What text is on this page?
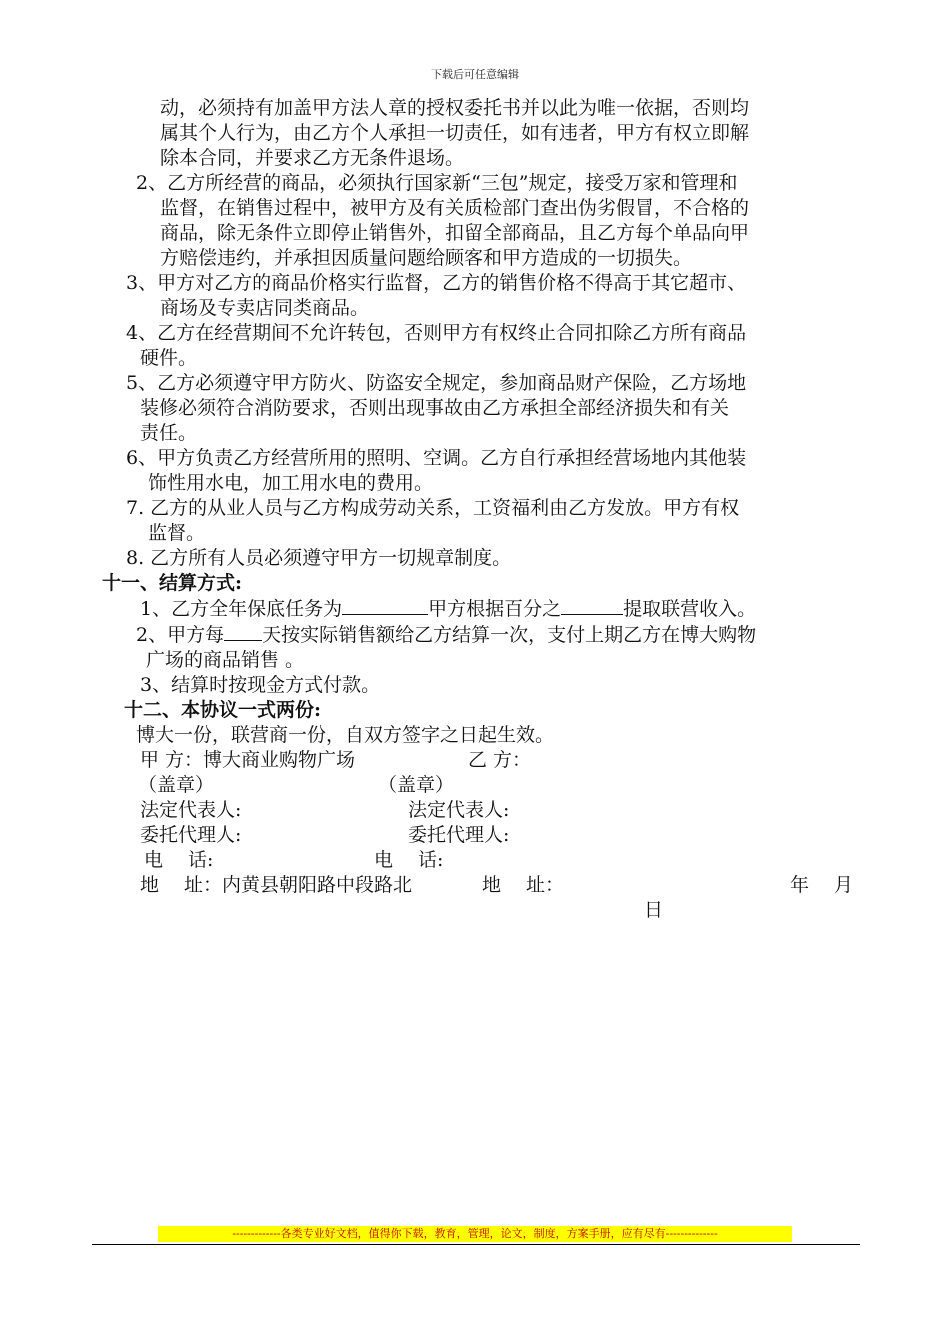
下载后可任意编辑
动，必须持有加盖甲方法人章的授权委托书并以此为唯一依据，否则均
属其个人行为，由乙方个人承担一切责任，如有违者，甲方有权立即解
除本合同，并要求乙方无条件退场。
2、乙方所经营的商品，必须执行国家新“三包”规定，接受万家和管理和
监督，在销售过程中，被甲方及有关质检部门查出伪劣假冒，不合格的
商品，除无条件立即停止销售外，扣留全部商品，且乙方每个单品向甲
方赔偿违约，并承担因质量问题给顾客和甲方造成的一切损失。
3、甲方对乙方的商品价格实行监督，乙方的销售价格不得高于其它超市、
商场及专卖店同类商品。
4、乙方在经营期间不允许转包，否则甲方有权终止合同扣除乙方所有商品
硬件。
5、乙方必须遵守甲方防火、防盗安全规定，参加商品财产保险，乙方场地
装修必须符合消防要求，否则出现事故由乙方承担全部经济损失和有关
责任。
6、甲方负责乙方经营所用的照明、空调。乙方自行承担经营场地内其他装
饰性用水电，加工用水电的费用。
7. 乙方的从业人员与乙方构成劳动关系，工资福利由乙方发放。甲方有权
监督。
8. 乙方所有人员必须遵守甲方一切规章制度。
十一、结算方式:
1、乙方全年保底任务为	甲方根据百分之	提取联营收入。
2、甲方每 天按实际销售额给乙方结算一次，支付上期乙方在博大购物
广场的商品销售 。
3、结算时按现金方式付款。
十二、本协议一式两份:
博大一份，联营商一份，自双方签字之日起生效。
甲 方：博大商业购物广场	乙 方：
（盖章）	（盖章）
法定代表人:	法定代表人:
委托代理人:	委托代理人:
电　 话:	电　 话:
地　 址：内黄县朝阳路中段路北	地　 址：	年　 月
日
-------------各类专业好文档，值得你下载，教育，管理，论文，制度，方案手册，应有尽有--------------
